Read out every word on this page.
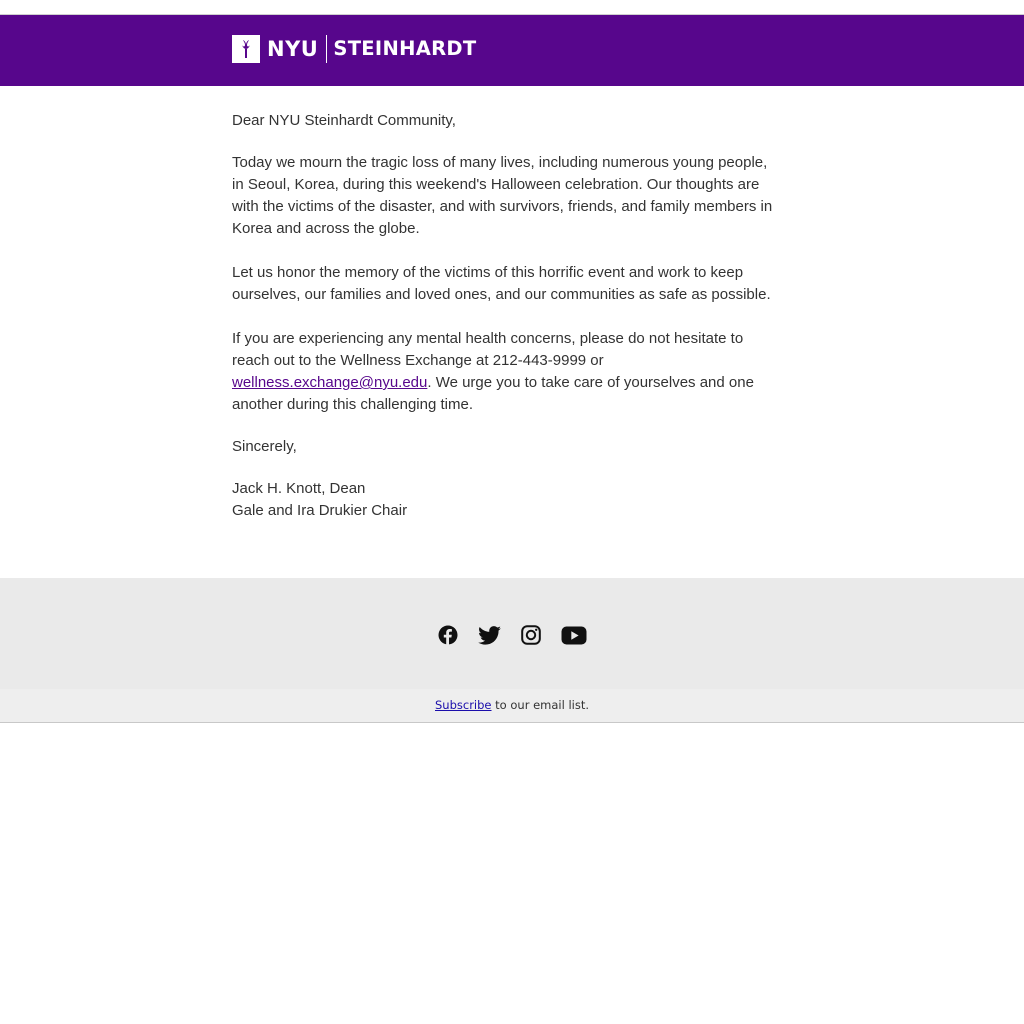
NYU STEINHARDT

Dear NYU Steinhardt Community,

Today we mourn the tragic loss of many lives, including numerous young people, in Seoul, Korea, during this weekend's Halloween celebration. Our thoughts are with the victims of the disaster, and with survivors, friends, and family members in Korea and across the globe.

Let us honor the memory of the victims of this horrific event and work to keep ourselves, our families and loved ones, and our communities as safe as possible.

If you are experiencing any mental health concerns, please do not hesitate to reach out to the Wellness Exchange at 212-443-9999 or wellness.exchange@nyu.edu. We urge you to take care of yourselves and one another during this challenging time.

Sincerely,

Jack H. Knott, Dean

Gale and Ira Drukier Chair

Subscribe to our email list.
